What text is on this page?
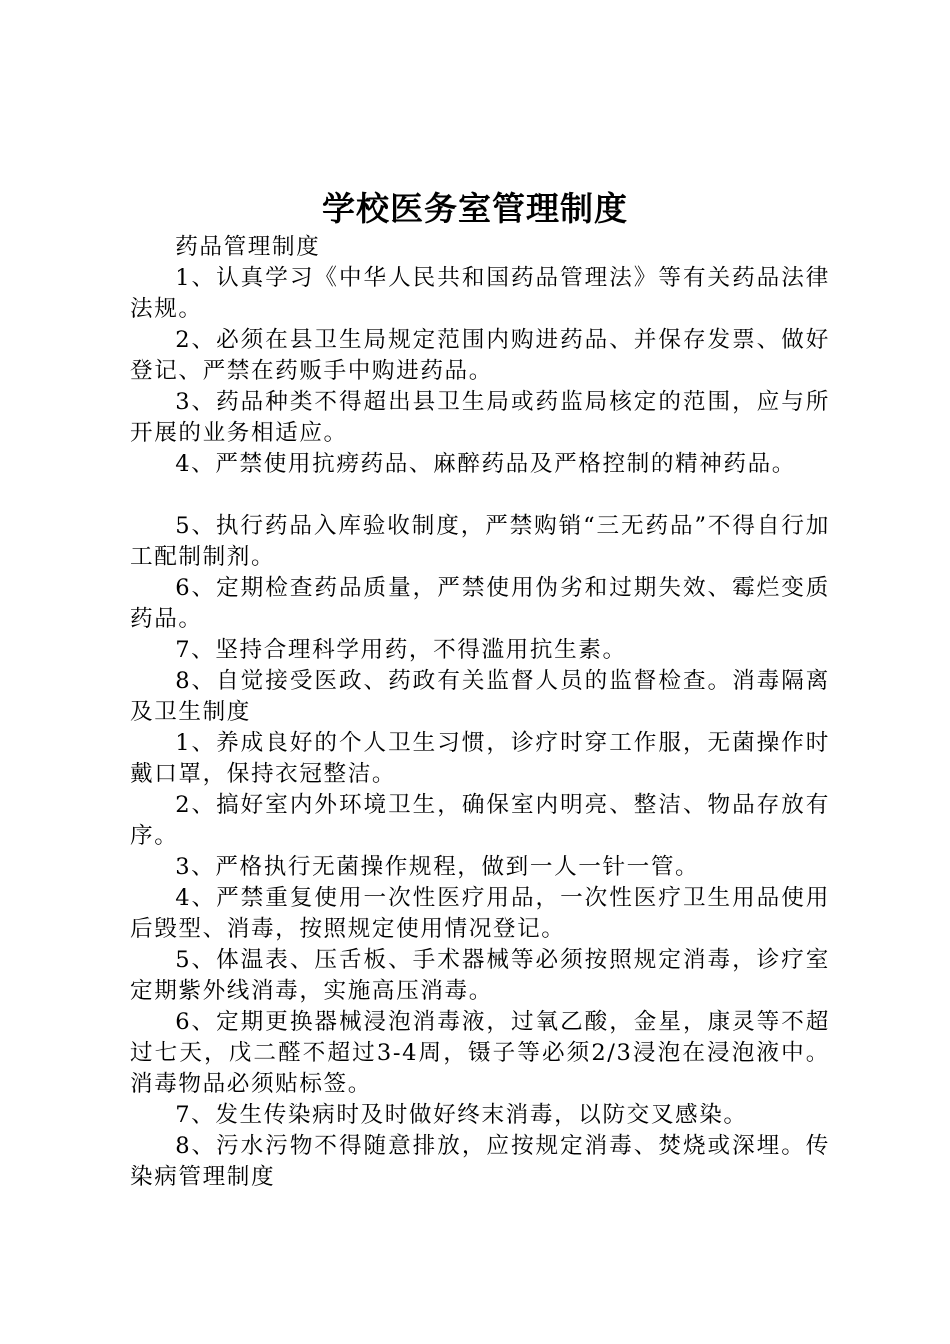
学校医务室管理制度

药品管理制度

1、认真学习《中华人民共和国药品管理法》等有关药品法律法规。

2、必须在县卫生局规定范围内购进药品、并保存发票、做好登记、严禁在药贩手中购进药品。

3、药品种类不得超出县卫生局或药监局核定的范围，应与所开展的业务相适应。

4、严禁使用抗痨药品、麻醉药品及严格控制的精神药品。

5、执行药品入库验收制度，严禁购销“三无药品”不得自行加工配制制剂。

6、定期检查药品质量，严禁使用伪劣和过期失效、霉烂变质药品。

7、坚持合理科学用药，不得滥用抗生素。

8、自觉接受医政、药政有关监督人员的监督检查。消毒隔离及卫生制度

1、养成良好的个人卫生习惯，诊疗时穿工作服，无菌操作时戴口罩，保持衣冠整洁。

2、搞好室内外环境卫生，确保室内明亮、整洁、物品存放有序。

3、严格执行无菌操作规程，做到一人一针一管。

4、严禁重复使用一次性医疗用品，一次性医疗卫生用品使用后毁型、消毒，按照规定使用情况登记。

5、体温表、压舌板、手术器械等必须按照规定消毒，诊疗室定期紫外线消毒，实施高压消毒。

6、定期更换器械浸泡消毒液，过氧乙酸，金星，康灵等不超过七天，戊二醛不超过3-4周，镊子等必须2/3浸泡在浸泡液中。消毒物品必须贴标签。

7、发生传染病时及时做好终末消毒，以防交叉感染。

8、污水污物不得随意排放，应按规定消毒、焚烧或深埋。传染病管理制度
